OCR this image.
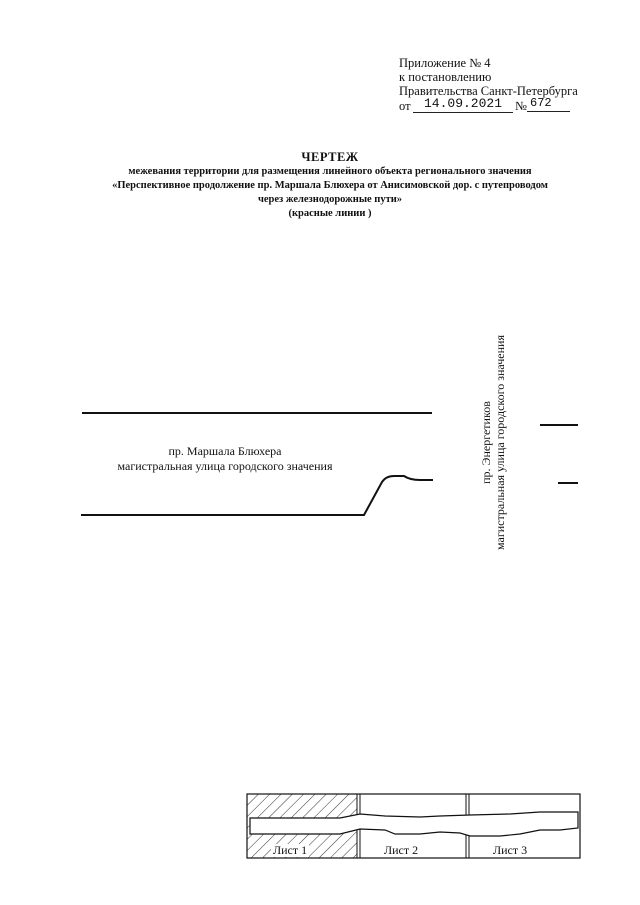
Приложение № 4
к постановлению
Правительства Санкт-Петербурга
от	14.09.2021	№ 672
ЧЕРТЕЖ
межевания территории для размещения линейного объекта регионального значения
«Перспективное продолжение пр. Маршала Блюхера от Анисимовской дор. с путепроводом
через железнодорожные пути»
(красные линии )
пр. Маршала Блюхера
магистральная улица городского значения	пр. Энергетиков магистральная улица городского значения
Лист 1	Лист 2	Лист 3
